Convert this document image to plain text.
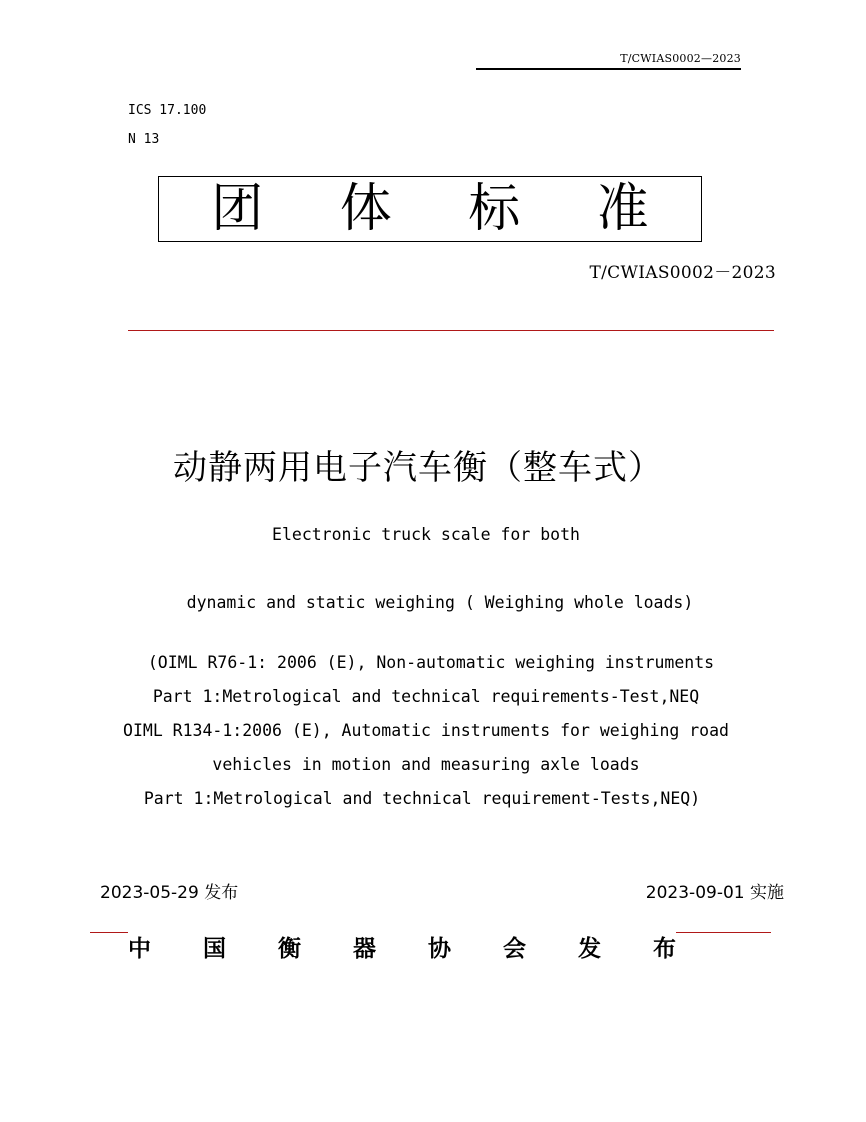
T/CWIAS0002—2023
ICS 17.100
N 13
团 体 标 准
T/CWIAS0002－2023
动静两用电子汽车衡（整车式）
Electronic truck scale for both
dynamic and static weighing ( Weighing whole loads)
(OIML R76-1: 2006 (E), Non-automatic weighing instruments
Part 1:Metrological and technical requirements-Test,NEQ
OIML R134-1:2006 (E), Automatic instruments for weighing road
vehicles in motion and measuring axle loads
Part 1:Metrological and technical requirement-Tests,NEQ)
2023-05-29 发布	2023-09-01 实施
中 国 衡 器 协 会 发 布
